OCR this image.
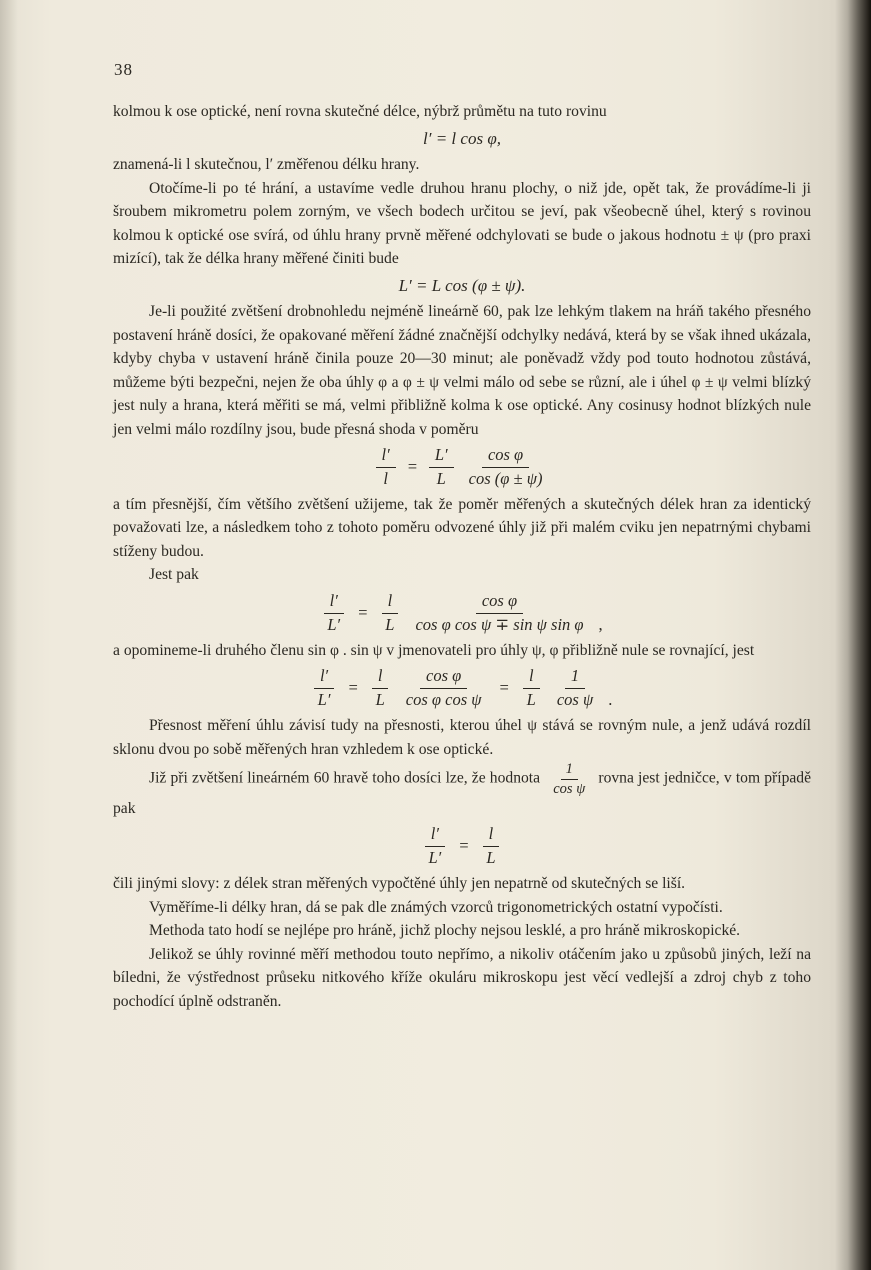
38

kolmou k ose optické, není rovna skutečné délce, nýbrž průmětu na tuto rovinu

l′ = l cos φ,

znamená-li l skutečnou, l′ změřenou délku hrany.

Otočíme-li po té hrání, a ustavíme vedle druhou hranu plochy, o niž jde, opět tak, že provádíme-li ji šroubem mikrometru polem zorným, ve všech bodech určitou se jeví, pak všeobecně úhel, který s rovinou kolmou k optické ose svírá, od úhlu hrany prvně měřené odchylovati se bude o jakous hodnotu ± ψ (pro praxi mizící), tak že délka hrany měřené činiti bude

L′ = L cos (φ ± ψ).

Je-li použité zvětšení drobnohledu nejméně lineárně 60, pak lze lehkým tlakem na hráň takého přesného postavení hráně dosíci, že opakované měření žádné značnější odchylky nedává, která by se však ihned ukázala, kdyby chyba v ustavení hráně činila pouze 20—30 minut; ale poněvadž vždy pod touto hodnotou zůstává, můžeme býti bezpečni, nejen že oba úhly φ a φ ± ψ velmi málo od sebe se různí, ale i úhel φ ± ψ velmi blízký jest nuly a hrana, která měřiti se má, velmi přibližně kolma k ose optické. Any cosinusy hodnot blízkých nule jen velmi málo rozdílny jsou, bude přesná shoda v poměru

$\frac{l'}{l} = \frac{L'}{L} \frac{\text{cos φ}}{\cos (\varphi \pm \psi)}$

a tím přesnější, čím většího zvětšení užijeme, tak že poměr měřených a skutečných délek hran za identický považovati lze, a následkem toho z tohoto poměru odvozené úhly již při malém cviku jen nepatrnými chybami stíženy budou.

Jest pak

$\frac{l'}{L'} = \frac{l}{L} \frac{\text{cos φ}}{\text{cos φ cos ψ ∓ sin ψ sin φ}}$ ,

a opomineme-li druhého členu sin φ . sin ψ v jmenovateli pro úhly ψ, φ přibližně nule se rovnající, jest

$\frac{l'}{L'} = \frac{l}{L} \frac{\text{cos φ}}{\text{cos φ cos ψ}} = \frac{l}{L} \frac{1}{\text{cos ψ}}$ .

Přesnost měření úhlu závisí tudy na přesnosti, kterou úhel ψ stává se rovným nule, a jenž udává rozdíl sklonu dvou po sobě měřených hran vzhledem k ose optické.

Již při zvětšení lineárném 60 hravě toho dosíci lze, že hodnota $\frac{1}{\text{cos ψ}}$ rovna jest jedničce, v tom případě pak

$\frac{l'}{L'} = \frac{l}{L}$

čili jinými slovy: z délek stran měřených vypočtěné úhly jen nepatrně od skutečných se liší.

Vyměříme-li délky hran, dá se pak dle známých vzorců trigonometrických ostatní vypočísti.

Methoda tato hodí se nejlépe pro hráně, jichž plochy nejsou lesklé, a pro hráně mikroskopické.

Jelikož se úhly rovinné měří methodou touto nepřímo, a nikoliv otáčením jako u způsobů jiných, leží na bíledni, že výstřednost průseku nitkového kříže okuláru mikroskopu jest věcí vedlejší a zdroj chyb z toho pochodící úplně odstraněn.
